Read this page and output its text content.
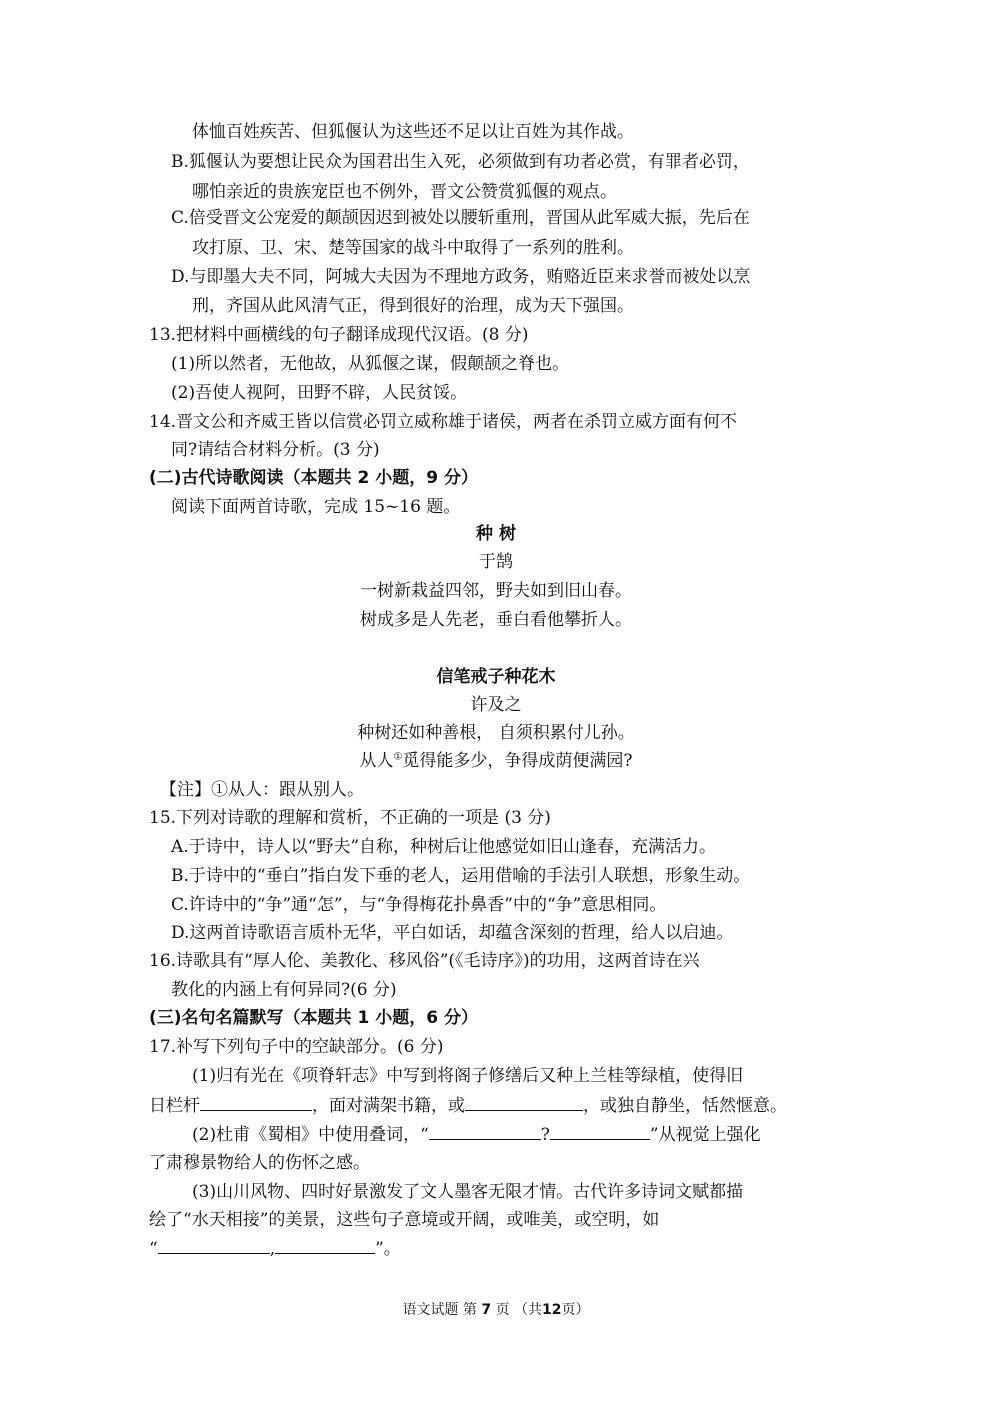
体恤百姓疾苦、但狐偃认为这些还不足以让百姓为其作战。
B.狐偃认为要想让民众为国君出生入死，必须做到有功者必赏，有罪者必罚，
哪怕亲近的贵族宠臣也不例外，晋文公赞赏狐偃的观点。
C.倍受晋文公宠爱的颠颉因迟到被处以腰斩重刑，晋国从此军威大振，先后在
攻打原、卫、宋、楚等国家的战斗中取得了一系列的胜利。
D.与即墨大夫不同，阿城大夫因为不理地方政务，贿赂近臣来求誉而被处以烹
刑，齐国从此风清气正，得到很好的治理，成为天下强国。
13.把材料中画横线的句子翻译成现代汉语。(8 分)
(1)所以然者，无他故，从狐偃之谋，假颠颉之脊也。
(2)吾使人视阿，田野不辟，人民贫馁。
14.晋文公和齐威王皆以信赏必罚立威称雄于诸侯，两者在杀罚立威方面有何不
同?请结合材料分析。(3 分)
(二)古代诗歌阅读（本题共 2 小题，9 分）
阅读下面两首诗歌，完成 15~16 题。
种 树
于鹄
一树新栽益四邻，野夫如到旧山春。
树成多是人先老，垂白看他攀折人。
信笔戒子种花木
许及之
种树还如种善根， 自须积累付儿孙。
从人①觅得能多少，争得成荫便满园?
【注】①从人：跟从别人。
15.下列对诗歌的理解和赏析，不正确的一项是 (3 分)
A.于诗中，诗人以“野夫”自称，种树后让他感觉如旧山逢春，充满活力。
B.于诗中的“垂白”指白发下垂的老人，运用借喻的手法引人联想，形象生动。
C.许诗中的“争”通“怎”，与“争得梅花扑鼻香”中的“争”意思相同。
D.这两首诗歌语言质朴无华，平白如话，却蕴含深刻的哲理，给人以启迪。
16.诗歌具有“厚人伦、美教化、移风俗”(《毛诗序》)的功用，这两首诗在兴
教化的内涵上有何异同?(6 分)
(三)名句名篇默写（本题共 1 小题，6 分）
17.补写下列句子中的空缺部分。(6 分)
(1)归有光在《项脊轩志》中写到将阁子修缮后又种上兰桂等绿植，使得旧
日栏杆	，面对满架书籍，或	，或独自静坐，恬然惬意。
(2)杜甫《蜀相》中使用叠词，“	?	”从视觉上强化
了肃穆景物给人的伤怀之感。
(3)山川风物、四时好景激发了文人墨客无限才情。古代许多诗词文赋都描
绘了“水天相接”的美景，这些句子意境或开阔，或唯美，或空明，如
“	,	”。
语文试题 第 7 页 （共12页）
